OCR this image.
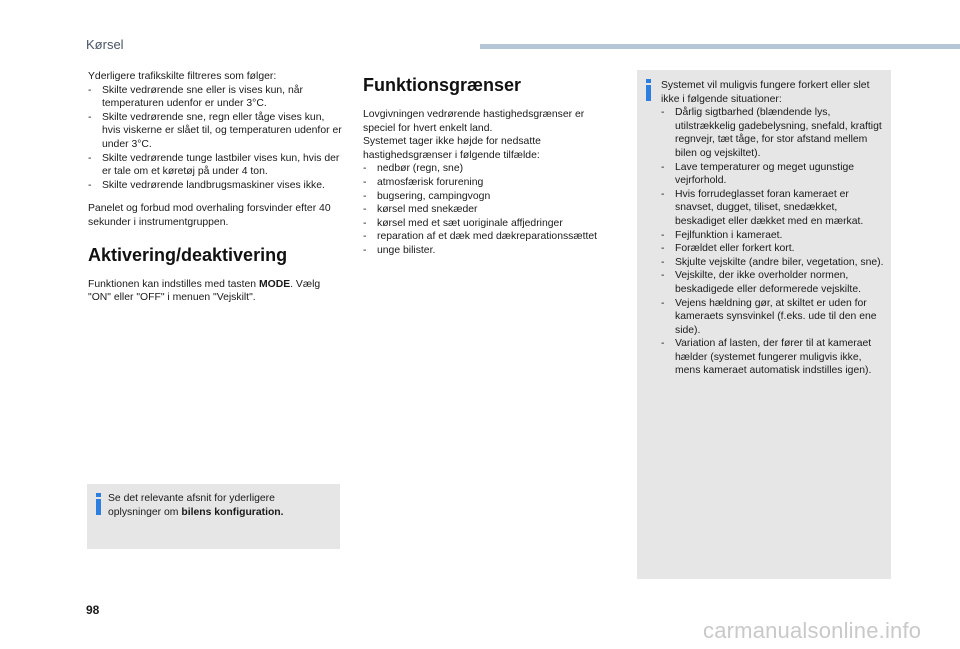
Kørsel

Yderligere trafikskilte filtreres som følger:

- Skilte vedrørende sne eller is vises kun, når temperaturen udenfor er under 3°C.
- Skilte vedrørende sne, regn eller tåge vises kun, hvis viskerne er slået til, og temperaturen udenfor er under 3°C.
- Skilte vedrørende tunge lastbiler vises kun, hvis der er tale om et køretøj på under 4 ton.
- Skilte vedrørende landbrugsmaskiner vises ikke.

Panelet og forbud mod overhaling forsvinder efter 40 sekunder i instrumentgruppen.

Aktivering/deaktivering

Funktionen kan indstilles med tasten MODE. Vælg "ON" eller "OFF" i menuen "Vejskilt".

Se det relevante afsnit for yderligere oplysninger om bilens konfiguration.
Funktionsgrænser

Lovgivningen vedrørende hastighedsgrænser er speciel for hvert enkelt land.

Systemet tager ikke højde for nedsatte hastighedsgrænser i følgende tilfælde:

- nedbør (regn, sne)
- atmosfærisk forurening
- bugsering, campingvogn
- kørsel med snekæder
- kørsel med et sæt uoriginale affjedringer
- reparation af et dæk med dækreparationssættet
- unge bilister.

Systemet vil muligvis fungere forkert eller slet ikke i følgende situationer:

- Dårlig sigtbarhed (blændende lys, utilstrækkelig gadebelysning, snefald, kraftigt regnvejr, tæt tåge, for stor afstand mellem bilen og vejskiltet).
- Lave temperaturer og meget ugunstige vejrforhold.
- Hvis forrudeglasset foran kameraet er snavset, dugget, tiliset, snedækket, beskadiget eller dækket med en mærkat.
- Fejlfunktion i kameraet.
- Forældet eller forkert kort.
- Skjulte vejskilte (andre biler, vegetation, sne).
- Vejskilte, der ikke overholder normen, beskadigede eller deformerede vejskilte.
- Vejens hældning gør, at skiltet er uden for kameraets synsvinkel (f.eks. ude til den ene side).
- Variation af lasten, der fører til at kameraet hælder (systemet fungerer muligvis ikke, mens kameraet automatisk indstilles igen).
98
carmanualsonline.info
